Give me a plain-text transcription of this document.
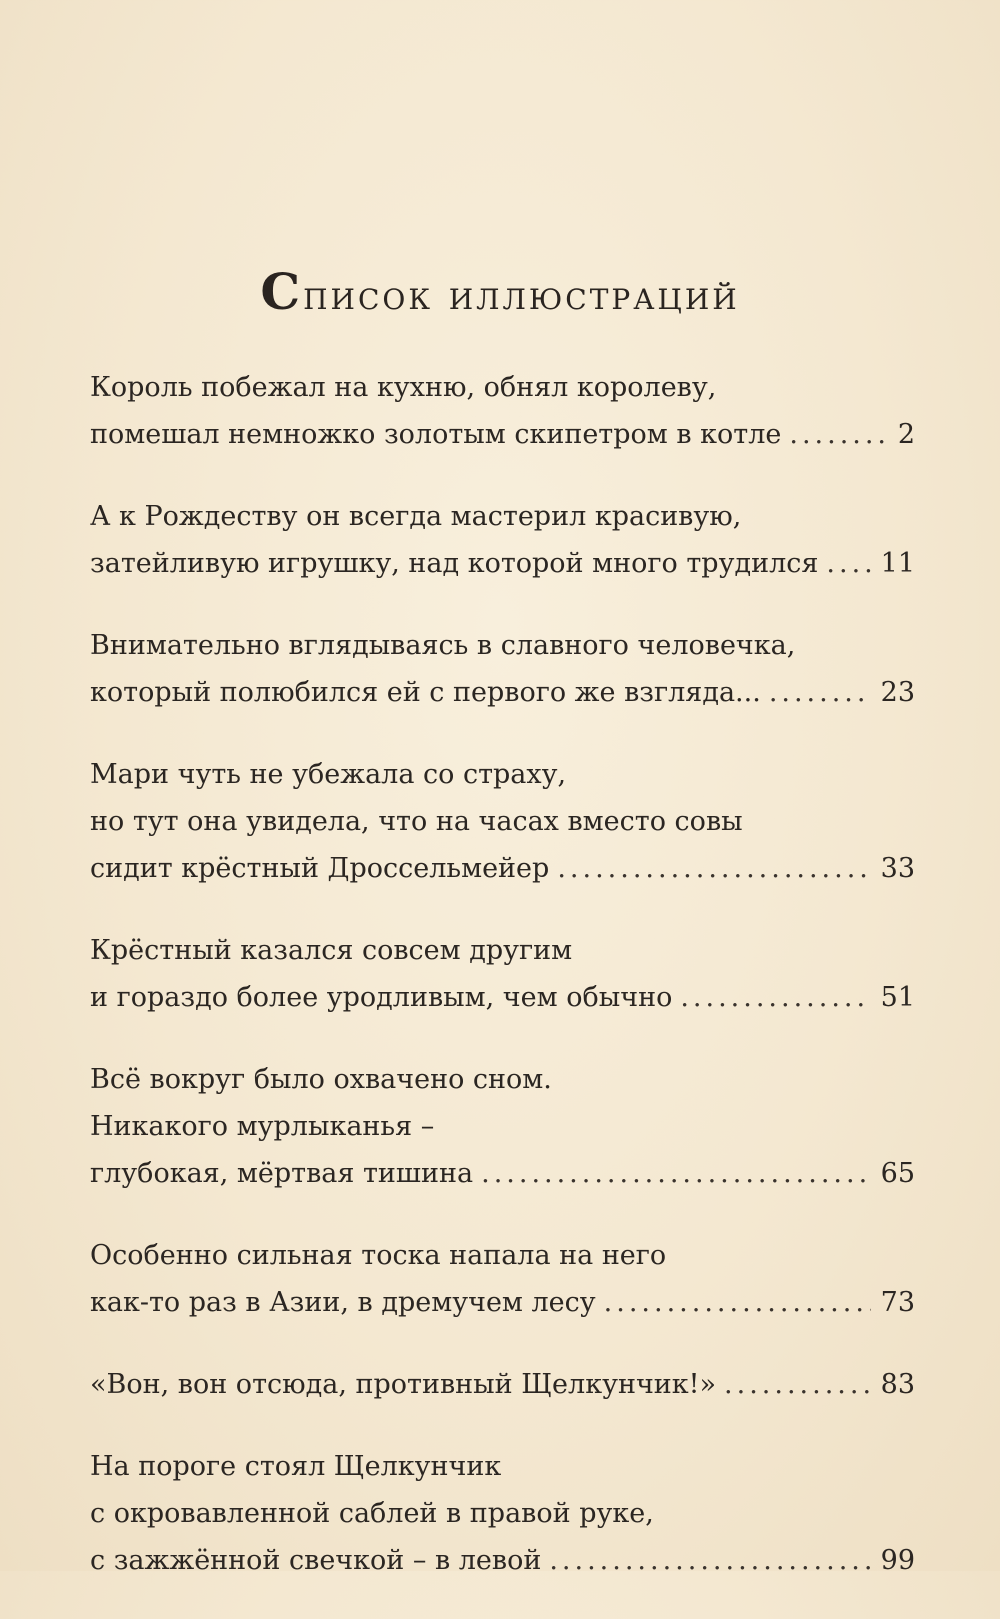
Список иллюстраций
Король побежал на кухню, обнял королеву,
помешал немножко золотым скипетром в котле .....	2
А к Рождеству он всегда мастерил красивую,
затейливую игрушку, над которой много трудился ..... 11
Внимательно вглядываясь в славного человечка,
который полюбился ей с первого же взгляда... .....	23
Мари чуть не убежала со страху,
но тут она увидела, что на часах вместо совы
сидит крёстный Дроссельмейер .....	33
Крёстный казался совсем другим
и гораздо более уродливым, чем обычно .....	51
Всё вокруг было охвачено сном.
Никакого мурлыканья –
глубокая, мёртвая тишина .....	65
Особенно сильная тоска напала на него
как-то раз в Азии, в дремучем лесу .....	73
«Вон, вон отсюда, противный Щелкунчик!» .....	83
На пороге стоял Щелкунчик
с окровавленной саблей в правой руке,
с зажжённой свечкой – в левой .....	99
